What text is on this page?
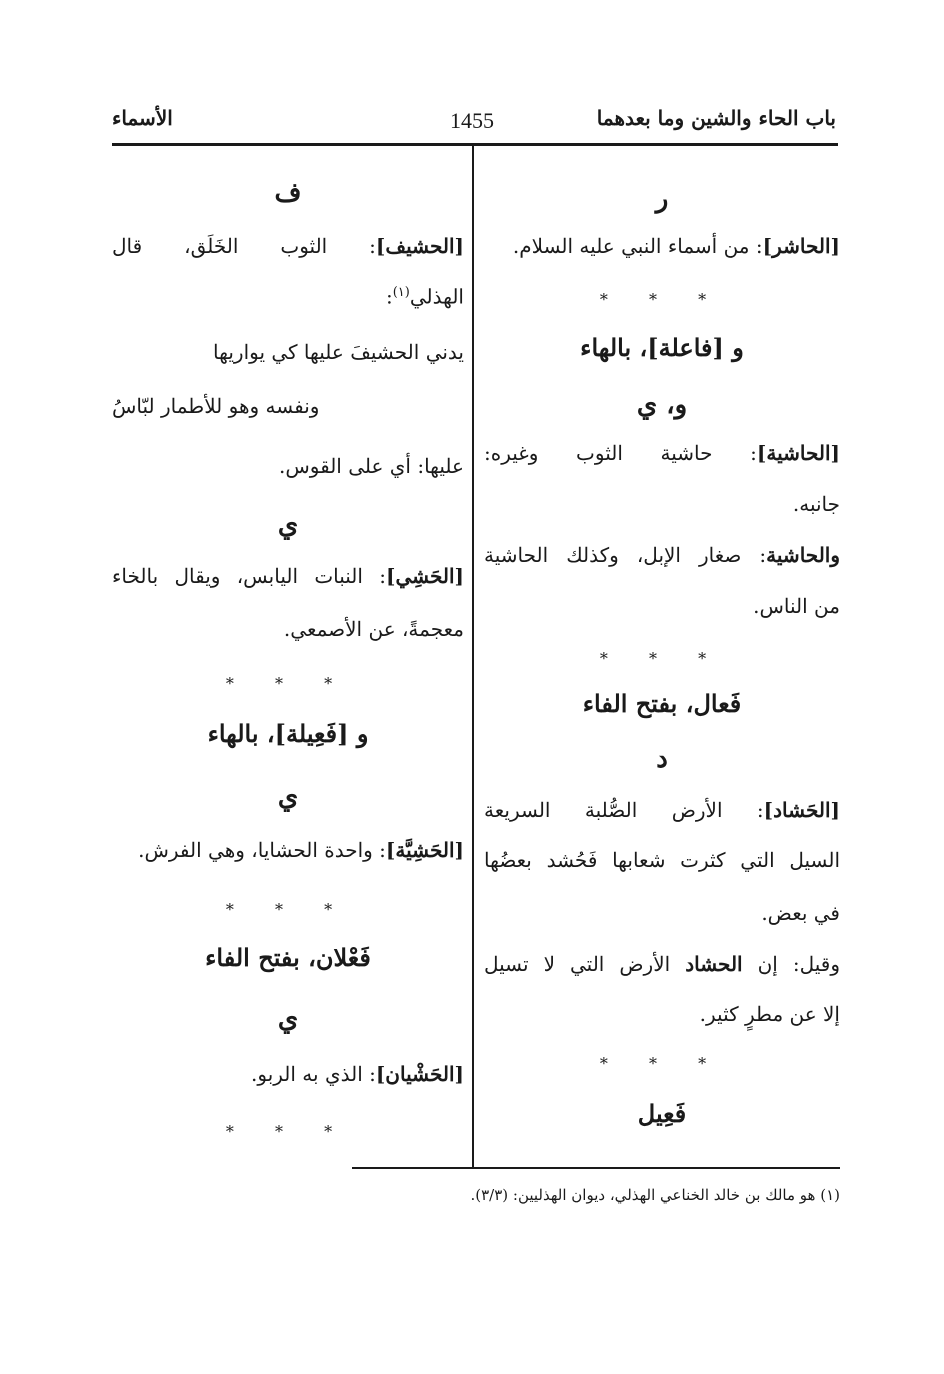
باب الحاء والشين وما بعدهما
1455
الأسماء
ر
[الحاشر]: من أسماء النبي عليه السلام.
* * *
و [فاعلة]، بالهاء
و، ي
[الحاشية]: حاشية الثوب وغيره:
جانبه.
والحاشية: صغار الإبل، وكذلك الحاشية
من الناس.
* * *
فَعال، بفتح الفاء
د
[الحَشاد]: الأرض الصُّلبة السريعة
السيل التي كثرت شعابها فَحُشد بعضُها
في بعض.
وقيل: إن الحشاد الأرض التي لا تسيل
إلا عن مطرٍ كثير.
* * *
فَعِيل
ف
[الحشيف]: الثوب الخَلَق، قال
الهذلي$^{(١)}$:
يدني الحشيفَ عليها كي يواريها
ونفسه وهو للأطمار لبّاسُ
عليها: أي على القوس.
ي
[الحَشِي]: النبات اليابس، ويقال بالخاء
معجمةً، عن الأصمعي.
* * *
و [فَعِيلة]، بالهاء
ي
[الحَشِيَّة]: واحدة الحشايا، وهي الفرش.
* * *
فَعْلان، بفتح الفاء
ي
[الحَشْيان]: الذي به الربو.
* * *
(١) هو مالك بن خالد الخناعي الهذلي، ديوان الهذليين: (٣/٣).
